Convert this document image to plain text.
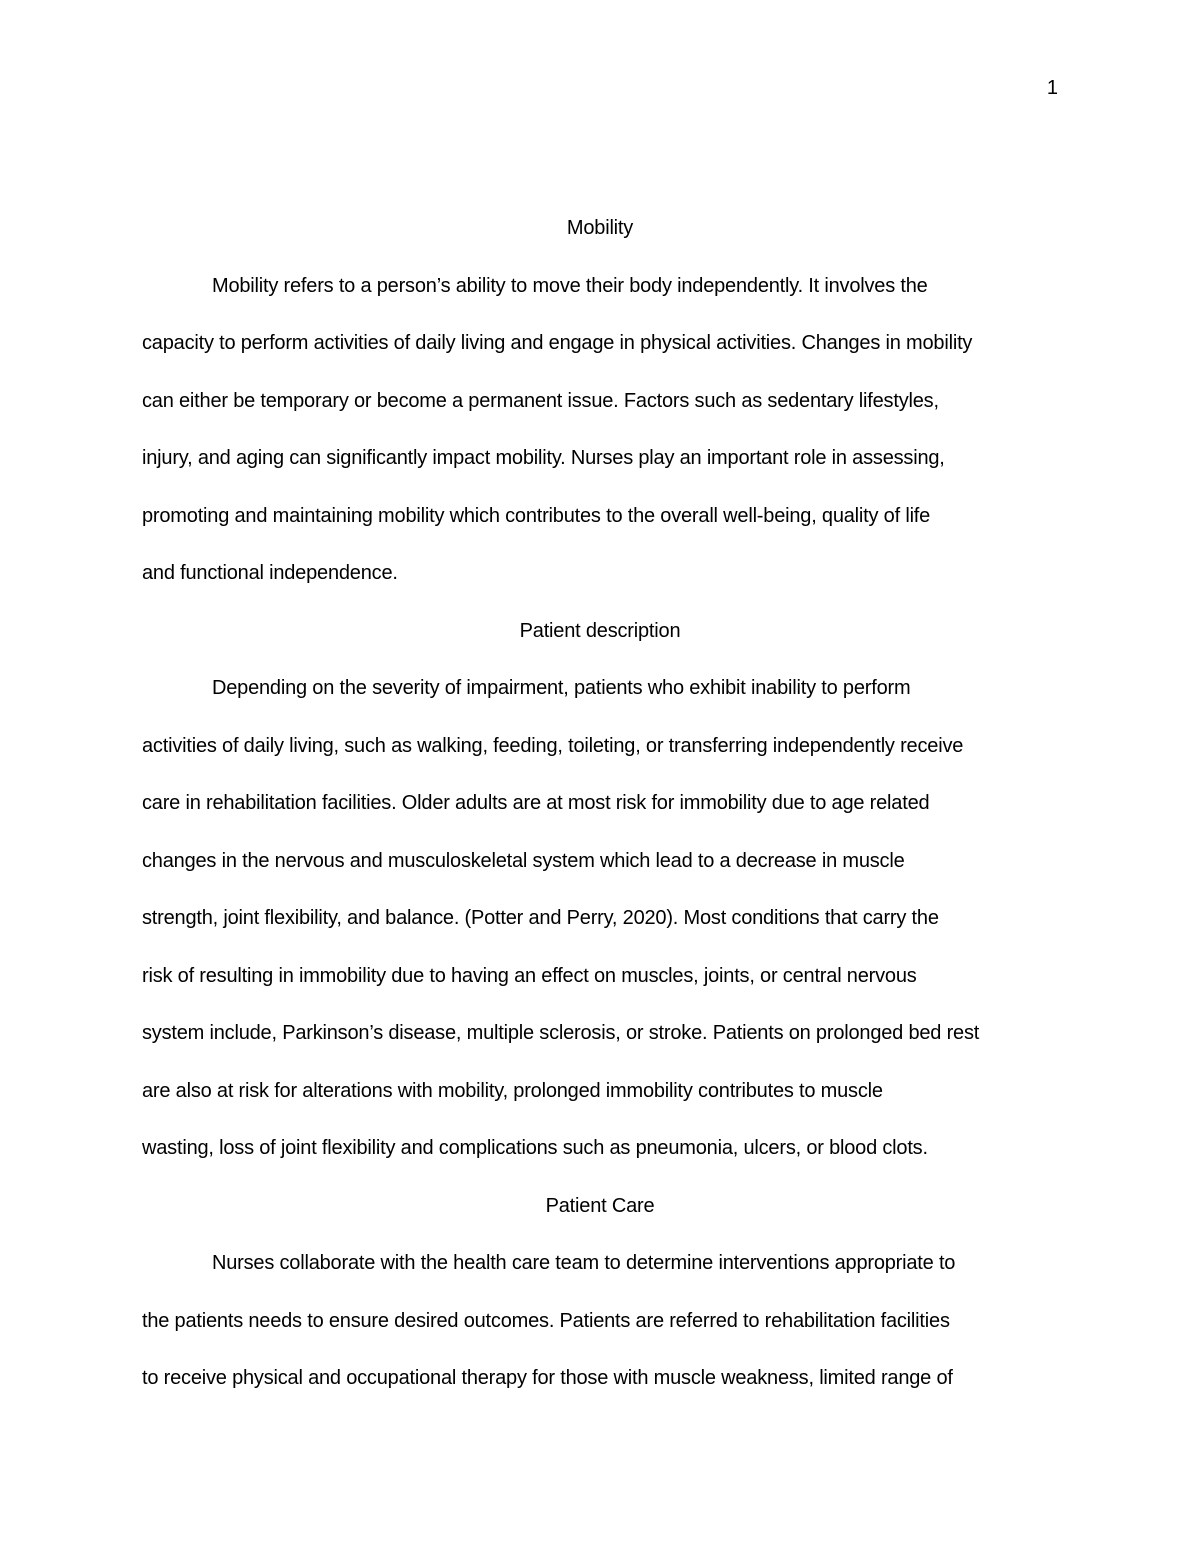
1
Mobility

Mobility refers to a person’s ability to move their body independently. It involves the
capacity to perform activities of daily living and engage in physical activities. Changes in mobility
can either be temporary or become a permanent issue. Factors such as sedentary lifestyles,
injury, and aging can significantly impact mobility. Nurses play an important role in assessing,
promoting and maintaining mobility which contributes to the overall well-being, quality of life
and functional independence.

Patient description

Depending on the severity of impairment, patients who exhibit inability to perform
activities of daily living, such as walking, feeding, toileting, or transferring independently receive
care in rehabilitation facilities. Older adults are at most risk for immobility due to age related
changes in the nervous and musculoskeletal system which lead to a decrease in muscle
strength, joint flexibility, and balance. (Potter and Perry, 2020). Most conditions that carry the
risk of resulting in immobility due to having an effect on muscles, joints, or central nervous
system include, Parkinson’s disease, multiple sclerosis, or stroke. Patients on prolonged bed rest
are also at risk for alterations with mobility, prolonged immobility contributes to muscle
wasting, loss of joint flexibility and complications such as pneumonia, ulcers, or blood clots.

Patient Care

Nurses collaborate with the health care team to determine interventions appropriate to
the patients needs to ensure desired outcomes. Patients are referred to rehabilitation facilities
to receive physical and occupational therapy for those with muscle weakness, limited range of
